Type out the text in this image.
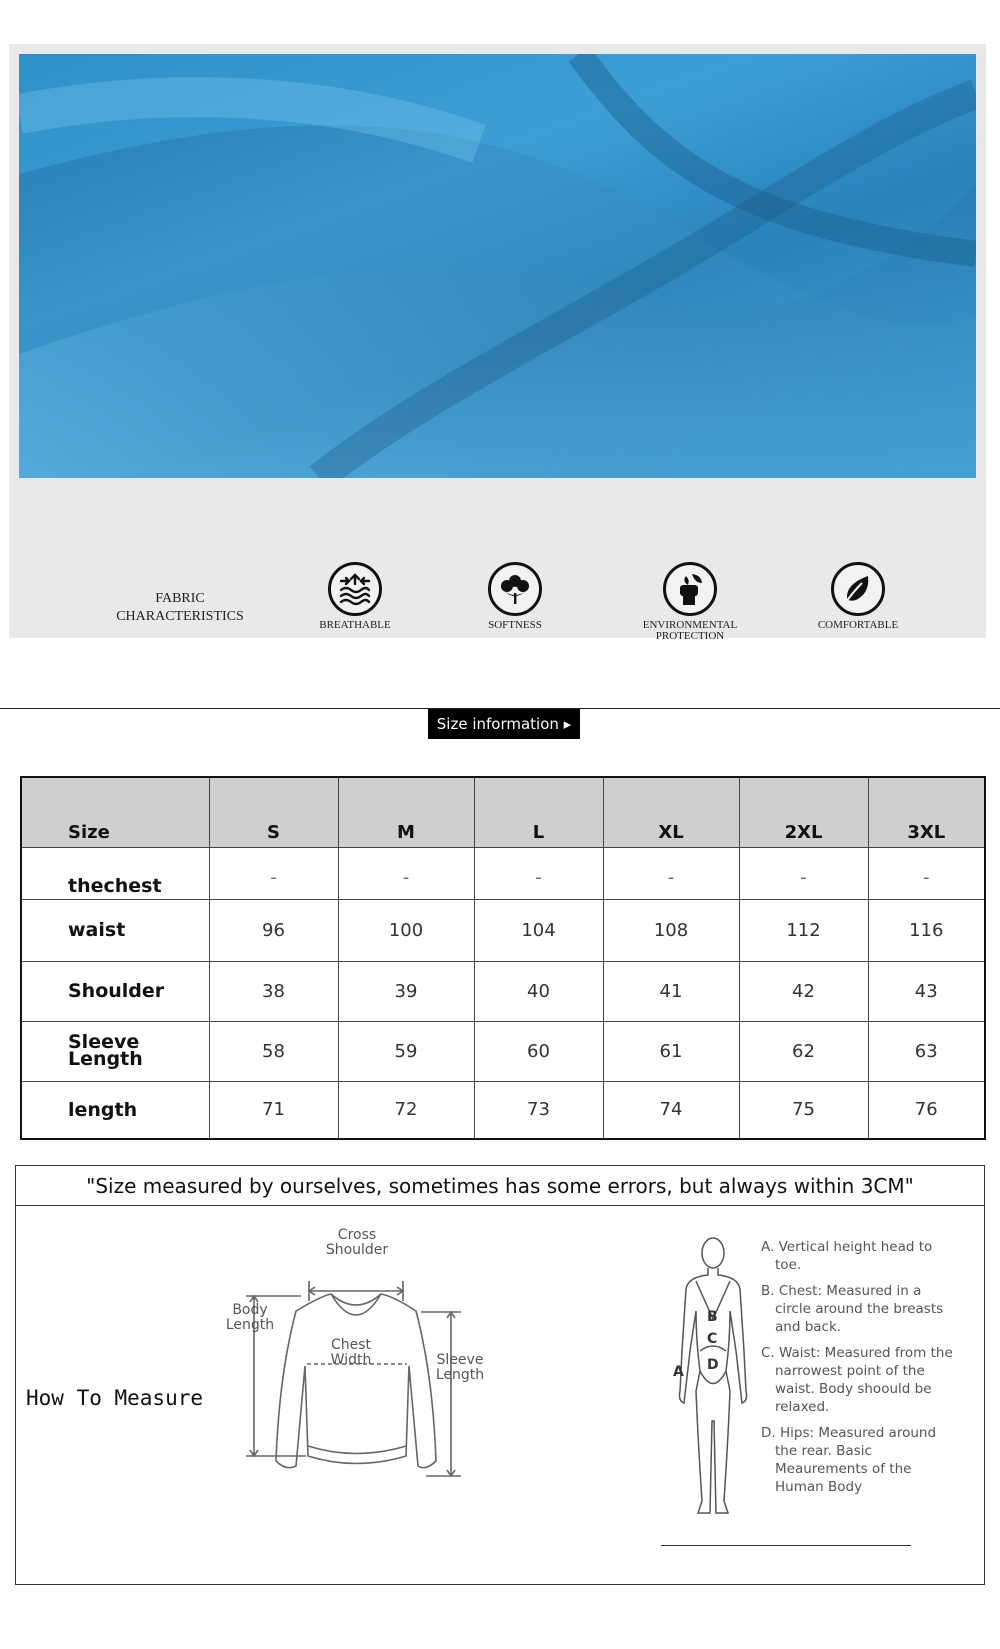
FABRIC
CHARACTERISTICS
BREATHABLE	SOFTNESS	ENVIRONMENTAL
PROTECTION
COMFORTABLE
Size information ▸
Size	S	M	L	XL	2XL	3XL
thechest	-	-	-	-	-	-
waist	96	100	104	108	112	116
Shoulder	38	39	40	41	42	43

Sleeve
Length	58	59	60	61	62	63
length	71	72	73	74	75	76
"Size measured by ourselves, sometimes has some errors, but always within 3CM"
How To Measure
Cross
Shoulder
Body
Length
Chest
Width	Sleeve
Length
B
C
D
A

A. Vertical height head to toe.

B. Chest: Measured in a circle around the breasts and back.

C. Waist: Measured from the narrowest point of the waist. Body shoould be relaxed.

D. Hips: Measured around the rear. Basic Meaurements of the Human Body
